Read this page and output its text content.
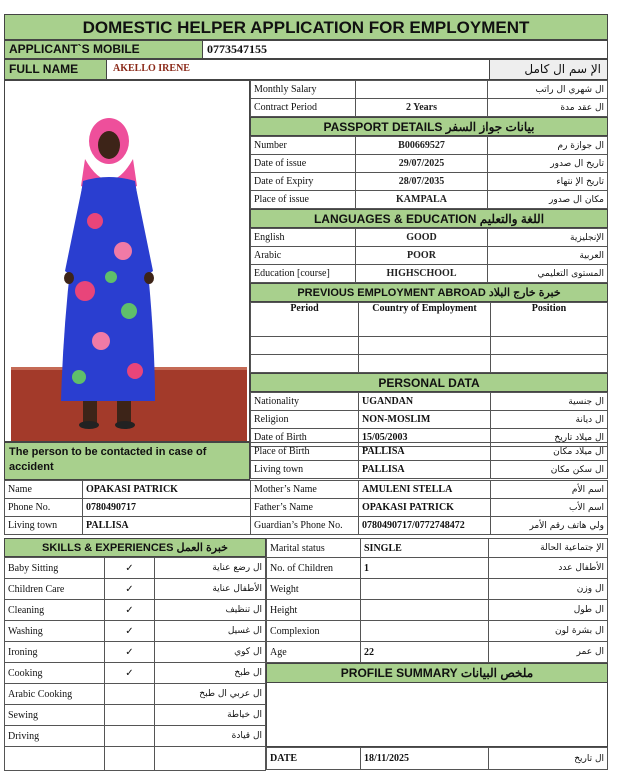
DOMESTIC HELPER APPLICATION FOR EMPLOYMENT
APPLICANT`S MOBILE	0773547155
FULL NAME	AKELLO IRENE	الإ سم ال كامل
Monthly Salary		ال شهري ال راتب
Contract Period	2 Years	ال عقد مدة
PASSPORT DETAILS بيانات جواز السفر
Number	B00669527	ال جوازة رم
Date of issue	29/07/2025	تاريخ ال صدور
Date of Expiry	28/07/2035	تاريخ الإ نتهاء
Place of issue	KAMPALA	مكان ال صدور
LANGUAGES & EDUCATION اللغة والتعليم
English	GOOD	الإنجليزية
Arabic	POOR	العربية
Education [course]	HIGHSCHOOL	المستوى التعليمي
PREVIOUS EMPLOYMENT ABROAD خبرة خارج البلاد
Period	Country of Employment	Position

PERSONAL DATA
Nationality	UGANDAN	ال جنسية
Religion	NON-MOSLIM	ال ديانة
Date of Birth	15/05/2003	ال ميلاد تاريخ
The person to be contacted in case of accident
Place of Birth	PALLISA	ال ميلاد مكان
Living town	PALLISA	ال سكن مكان
Name	OPAKASI PATRICK	Mother’s Name	AMULENI STELLA	اسم الأم
Phone No.	0780490717	Father’s Name	OPAKASI PATRICK	اسم الأب
Living town	PALLISA	Guardian’s Phone No.	0780490717/0772748472	ولي هاتف رقم الأمر
SKILLS & EXPERIENCES خبرة العمل
Baby Sitting	✓	ال رضع عناية
Children Care	✓	الأطفال عناية
Cleaning	✓	ال تنظيف
Washing	✓	ال غسيل
Ironing	✓	ال كوي
Cooking	✓	ال طبخ
Arabic Cooking		ال عربي ال طبخ
Sewing		ال خياطة
Driving		ال قيادة

Marital status	SINGLE	الإ جتماعية الحالة
No. of Children	1	الأطفال عدد
Weight		ال وزن
Height		ال طول
Complexion		ال بشرة لون
Age	22	ال عمر
PROFILE SUMMARY ملخص البيانات
DATE	18/11/2025	ال تاريخ
